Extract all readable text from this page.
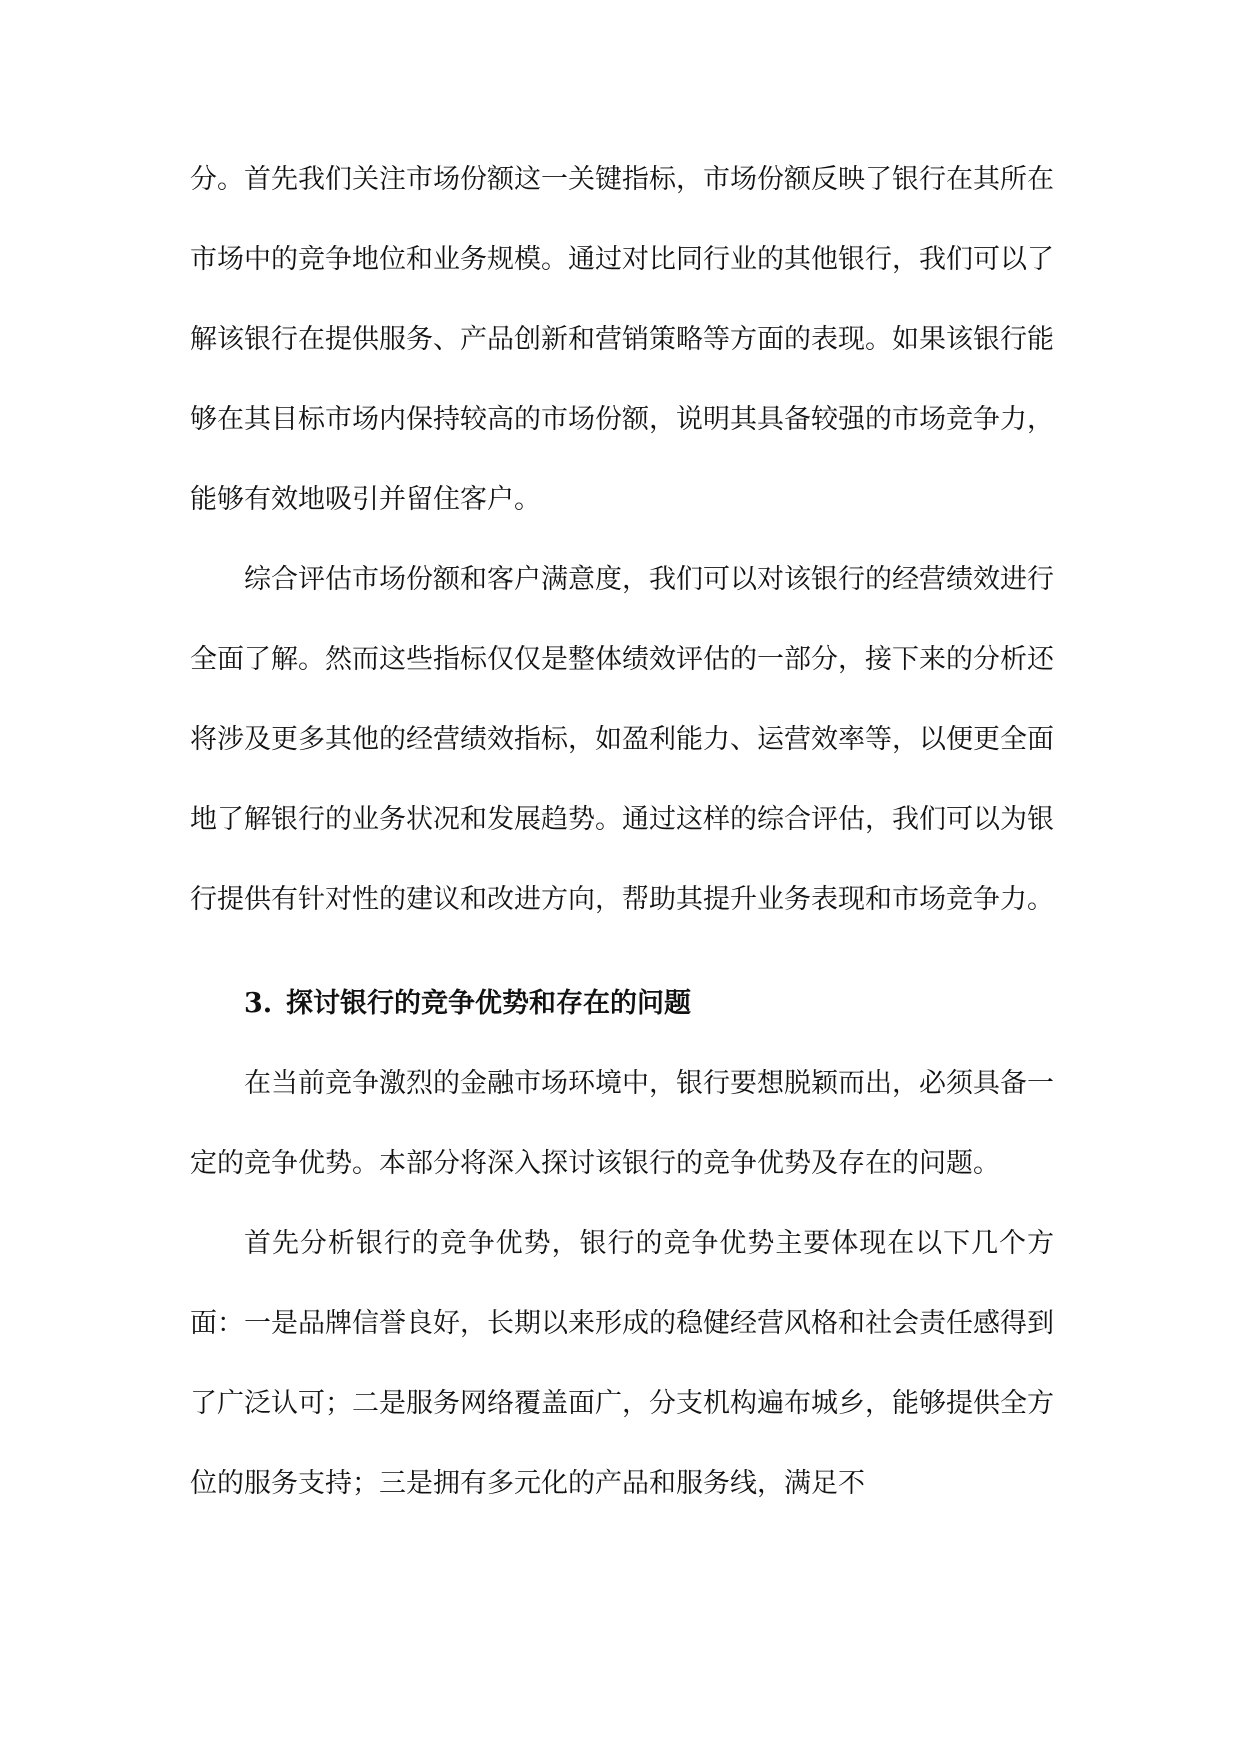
分。首先我们关注市场份额这一关键指标，市场份额反映了银行在其所在市场中的竞争地位和业务规模。通过对比同行业的其他银行，我们可以了解该银行在提供服务、产品创新和营销策略等方面的表现。如果该银行能够在其目标市场内保持较高的市场份额，说明其具备较强的市场竞争力，能够有效地吸引并留住客户。

综合评估市场份额和客户满意度，我们可以对该银行的经营绩效进行全面了解。然而这些指标仅仅是整体绩效评估的一部分，接下来的分析还将涉及更多其他的经营绩效指标，如盈利能力、运营效率等，以便更全面地了解银行的业务状况和发展趋势。通过这样的综合评估，我们可以为银行提供有针对性的建议和改进方向，帮助其提升业务表现和市场竞争力。

3. 探讨银行的竞争优势和存在的问题

在当前竞争激烈的金融市场环境中，银行要想脱颖而出，必须具备一定的竞争优势。本部分将深入探讨该银行的竞争优势及存在的问题。

首先分析银行的竞争优势，银行的竞争优势主要体现在以下几个方面：一是品牌信誉良好，长期以来形成的稳健经营风格和社会责任感得到了广泛认可；二是服务网络覆盖面广，分支机构遍布城乡，能够提供全方位的服务支持；三是拥有多元化的产品和服务线，满足不
